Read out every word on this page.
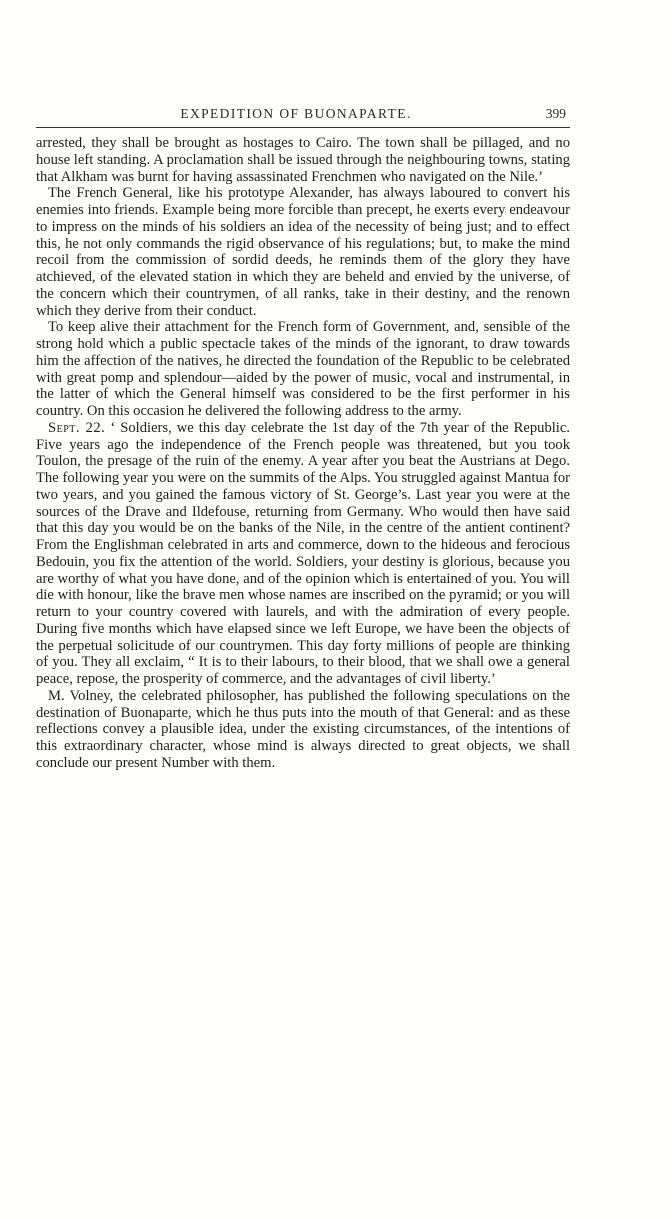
EXPEDITION OF BUONAPARTE.	399

arrested, they shall be brought as hostages to Cairo. The town shall be pillaged, and no house left standing. A proclamation shall be issued through the neighbouring towns, stating that Alkham was burnt for having assassinated Frenchmen who navigated on the Nile.’

The French General, like his prototype Alexander, has always laboured to convert his enemies into friends. Example being more forcible than precept, he exerts every endeavour to impress on the minds of his soldiers an idea of the necessity of being just; and to effect this, he not only commands the rigid observance of his regulations; but, to make the mind recoil from the commission of sordid deeds, he reminds them of the glory they have atchieved, of the elevated station in which they are beheld and envied by the universe, of the concern which their countrymen, of all ranks, take in their destiny, and the renown which they derive from their conduct.

To keep alive their attachment for the French form of Government, and, sensible of the strong hold which a public spectacle takes of the minds of the ignorant, to draw towards him the affection of the natives, he directed the foundation of the Republic to be celebrated with great pomp and splendour—aided by the power of music, vocal and instrumental, in the latter of which the General himself was considered to be the first performer in his country. On this occasion he delivered the following address to the army.

Sept. 22. ‘ Soldiers, we this day celebrate the 1st day of the 7th year of the Republic. Five years ago the independence of the French people was threatened, but you took Toulon, the presage of the ruin of the enemy. A year after you beat the Austrians at Dego. The following year you were on the summits of the Alps. You struggled against Mantua for two years, and you gained the famous victory of St. George’s. Last year you were at the sources of the Drave and Ildefouse, returning from Germany. Who would then have said that this day you would be on the banks of the Nile, in the centre of the antient continent? From the Englishman celebrated in arts and commerce, down to the hideous and ferocious Bedouin, you fix the attention of the world. Soldiers, your destiny is glorious, because you are worthy of what you have done, and of the opinion which is entertained of you. You will die with honour, like the brave men whose names are inscribed on the pyramid; or you will return to your country covered with laurels, and with the admiration of every people. During five months which have elapsed since we left Europe, we have been the objects of the perpetual solicitude of our countrymen. This day forty millions of people are thinking of you. They all exclaim, “ It is to their labours, to their blood, that we shall owe a general peace, repose, the prosperity of commerce, and the advantages of civil liberty.’

M. Volney, the celebrated philosopher, has published the following speculations on the destination of Buonaparte, which he thus puts into the mouth of that General: and as these reflections convey a plausible idea, under the existing circumstances, of the intentions of this extraordinary character, whose mind is always directed to great objects, we shall conclude our present Number with them.
